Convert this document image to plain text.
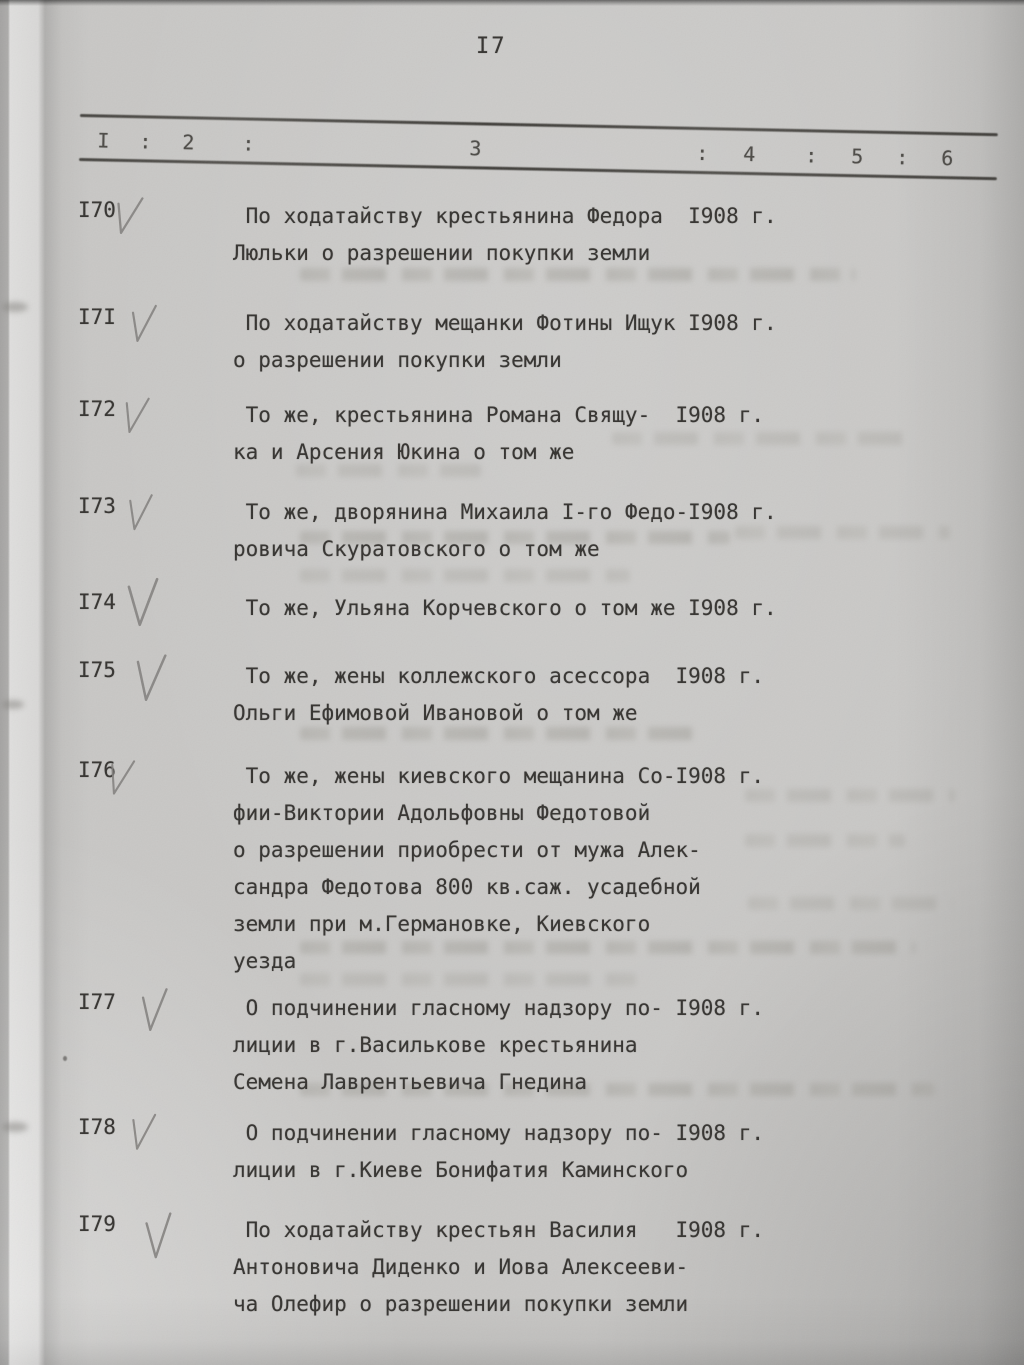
I7
I : 2 :	3	: 4 : 5 : 6
I70	По ходатайству крестьянина Федора  I908 г.
Люльки о разрешении покупки земли
I7I	По ходатайству мещанки Фотины Ищук I908 г.
о разрешении покупки земли
I72	То же, крестьянина Романа Свящу-  I908 г.
ка и Арсения Юкина о том же
I73	То же, дворянина Михаила I-го Федо-I908 г.
ровича Скуратовского о том же
I74	То же, Ульяна Корчевского о том же I908 г.
I75	То же, жены коллежского асессора  I908 г.
Ольги Ефимовой Ивановой о том же
I76	То же, жены киевского мещанина Со-I908 г.
фии-Виктории Адольфовны Федотовой
о разрешении приобрести от мужа Алек-
сандра Федотова 800 кв.саж. усадебной
земли при м.Германовке, Киевского
уезда
I77	О подчинении гласному надзору по- I908 г.
лиции в г.Василькове крестьянина
Семена Лаврентьевича Гнедина
I78	О подчинении гласному надзору по- I908 г.
лиции в г.Киеве Бонифатия Каминского
I79	По ходатайству крестьян Василия   I908 г.
Антоновича Диденко и Иова Алексееви-
ча Олефир о разрешении покупки земли
